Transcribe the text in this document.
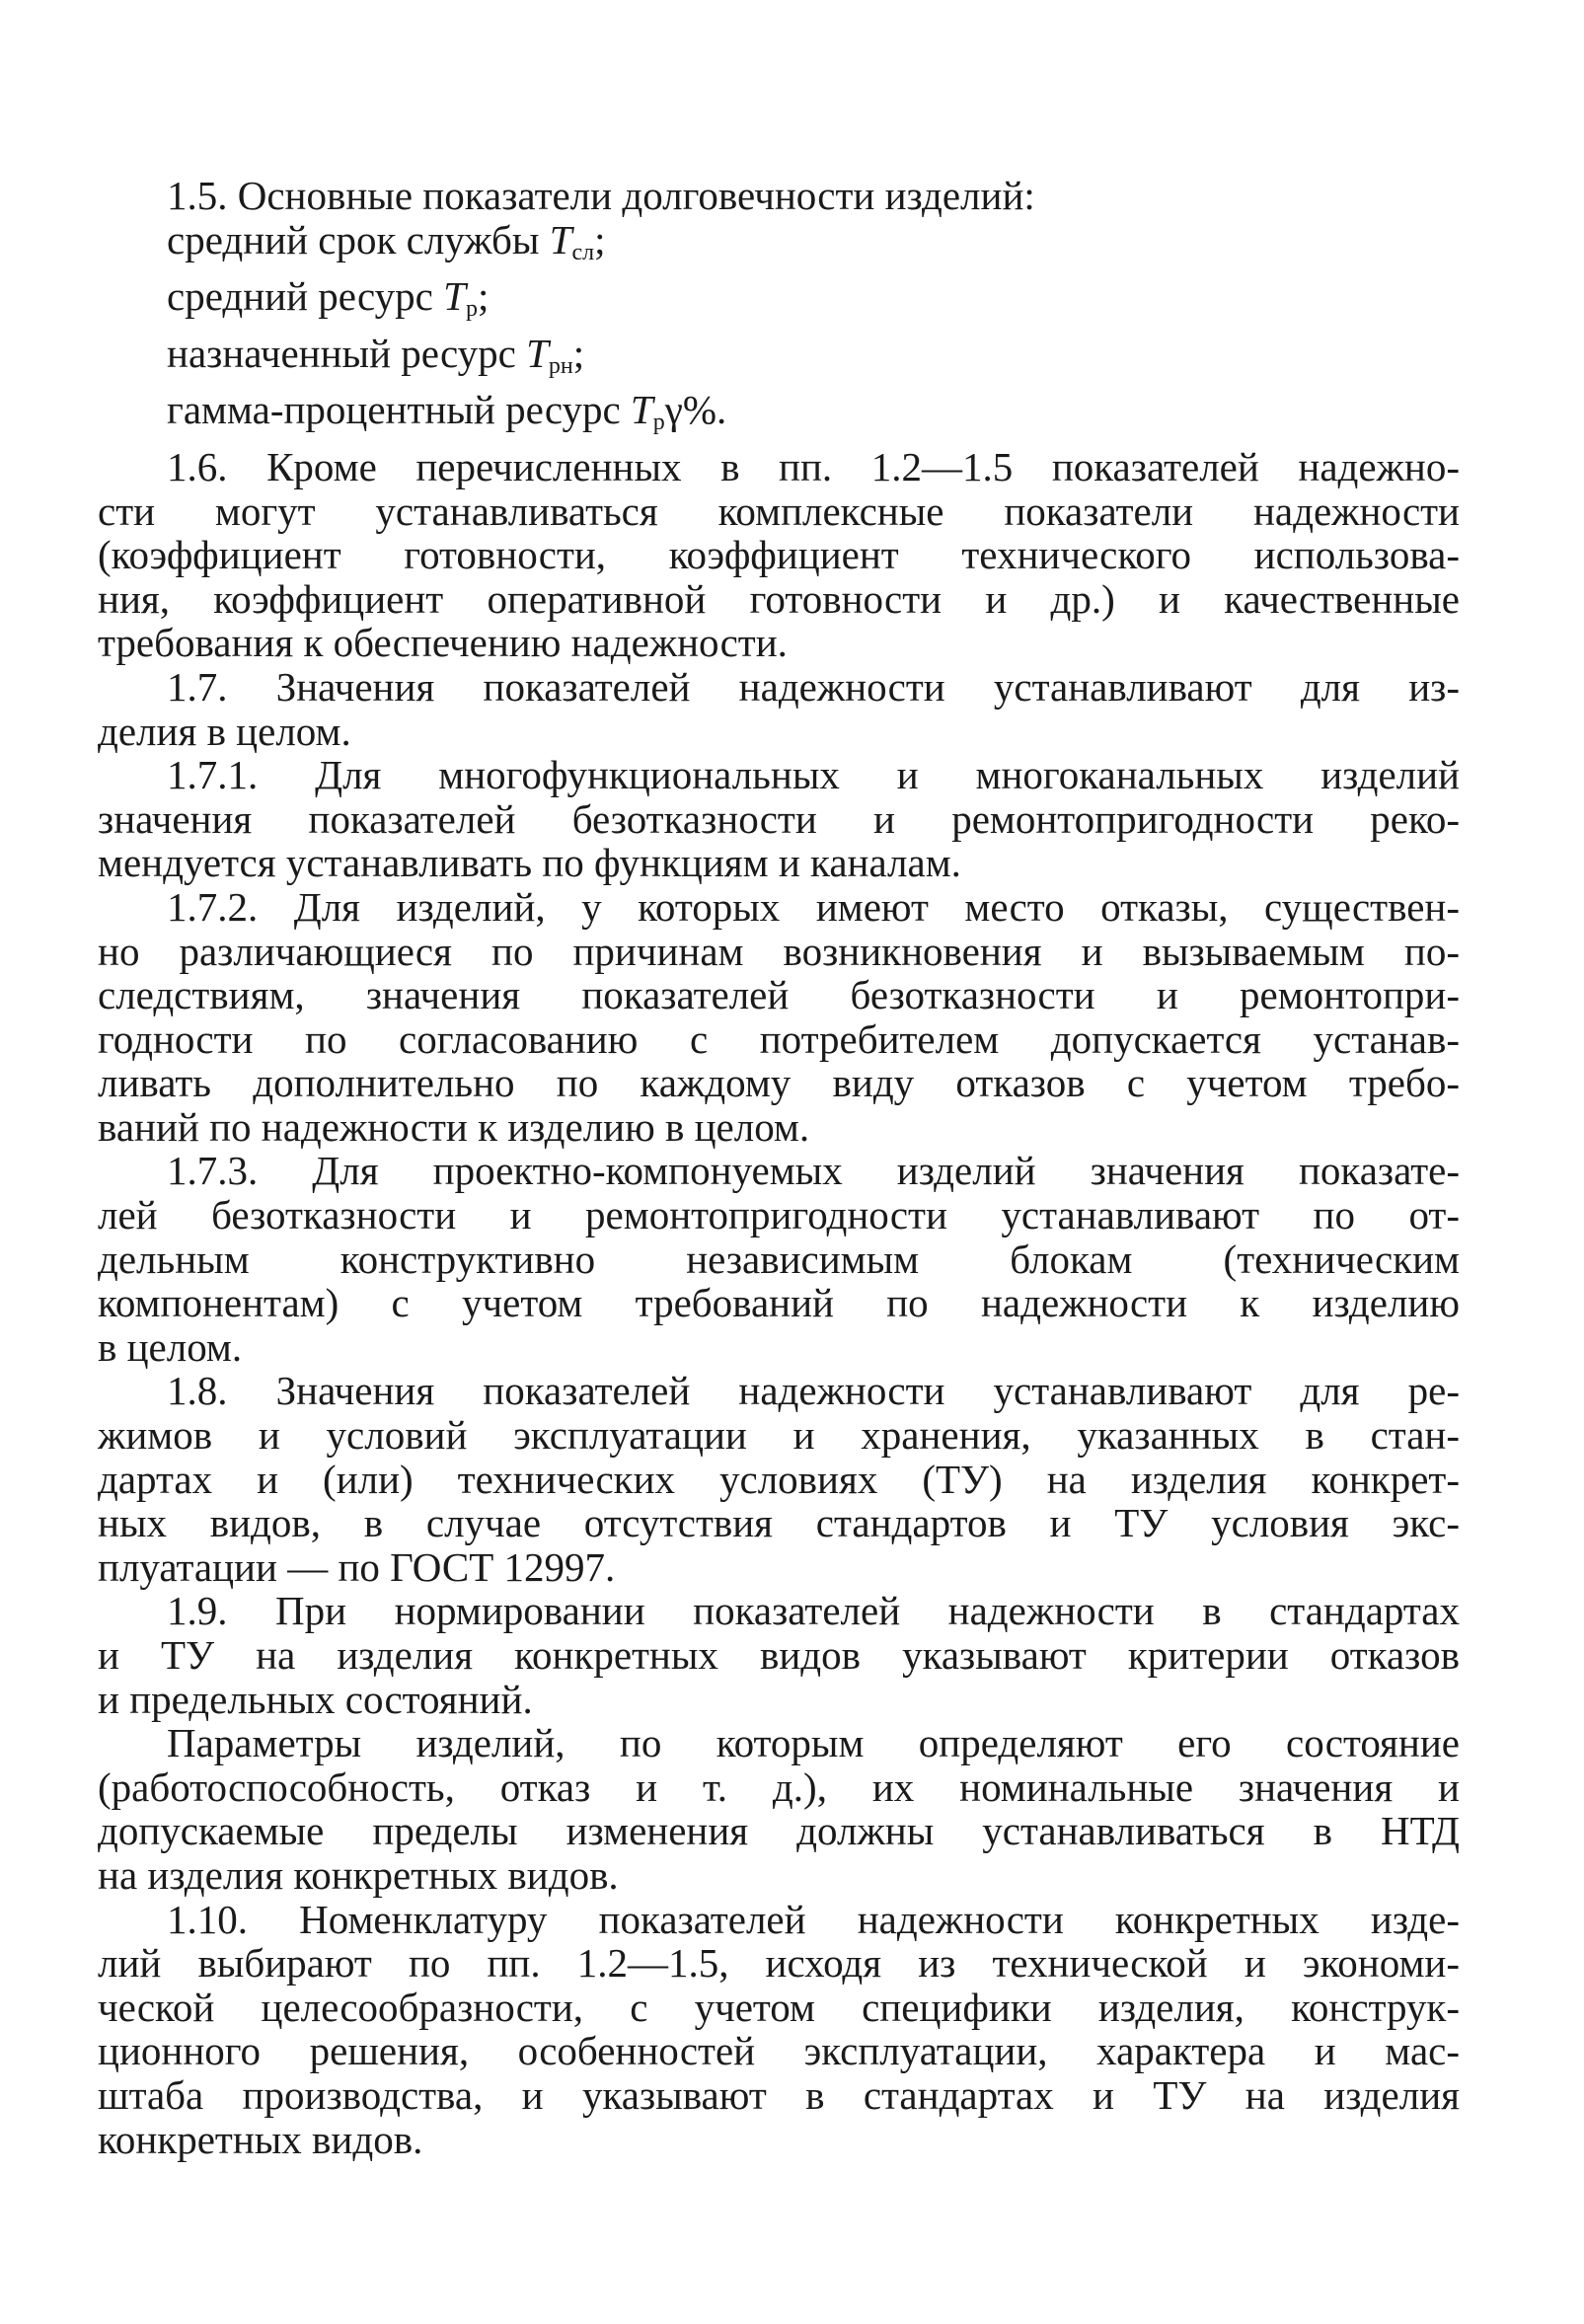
1.5. Основные показатели долговечности изделий:
средний срок службы $T_{сл}$;
средний ресурс $T_р$;
назначенный ресурс $T_{рн}$;
гамма-процентный ресурс $T_р\gamma\%$.
1.6. Кроме перечисленных в пп. 1.2—1.5 показателей надежно-
сти могут устанавливаться комплексные показатели надежности
(коэффициент готовности, коэффициент технического использова-
ния, коэффициент оперативной готовности и др.) и качественные
требования к обеспечению надежности.
1.7. Значения показателей надежности устанавливают для из-
делия в целом.
1.7.1. Для многофункциональных и многоканальных изделий
значения показателей безотказности и ремонтопригодности реко-
мендуется устанавливать по функциям и каналам.
1.7.2. Для изделий, у которых имеют место отказы, существен-
но различающиеся по причинам возникновения и вызываемым по-
следствиям, значения показателей безотказности и ремонтопри-
годности по согласованию с потребителем допускается устанав-
ливать дополнительно по каждому виду отказов с учетом требо-
ваний по надежности к изделию в целом.
1.7.3. Для проектно-компонуемых изделий значения показате-
лей безотказности и ремонтопригодности устанавливают по от-
дельным конструктивно независимым блокам (техническим
компонентам) с учетом требований по надежности к изделию
в целом.
1.8. Значения показателей надежности устанавливают для ре-
жимов и условий эксплуатации и хранения, указанных в стан-
дартах и (или) технических условиях (ТУ) на изделия конкрет-
ных видов, в случае отсутствия стандартов и ТУ условия экс-
плуатации — по ГОСТ 12997.
1.9. При нормировании показателей надежности в стандартах
и ТУ на изделия конкретных видов указывают критерии отказов
и предельных состояний.
Параметры изделий, по которым определяют его состояние
(работоспособность, отказ и т. д.), их номинальные значения и
допускаемые пределы изменения должны устанавливаться в НТД
на изделия конкретных видов.
1.10. Номенклатуру показателей надежности конкретных изде-
лий выбирают по пп. 1.2—1.5, исходя из технической и экономи-
ческой целесообразности, с учетом специфики изделия, конструк-
ционного решения, особенностей эксплуатации, характера и мас-
штаба производства, и указывают в стандартах и ТУ на изделия
конкретных видов.
